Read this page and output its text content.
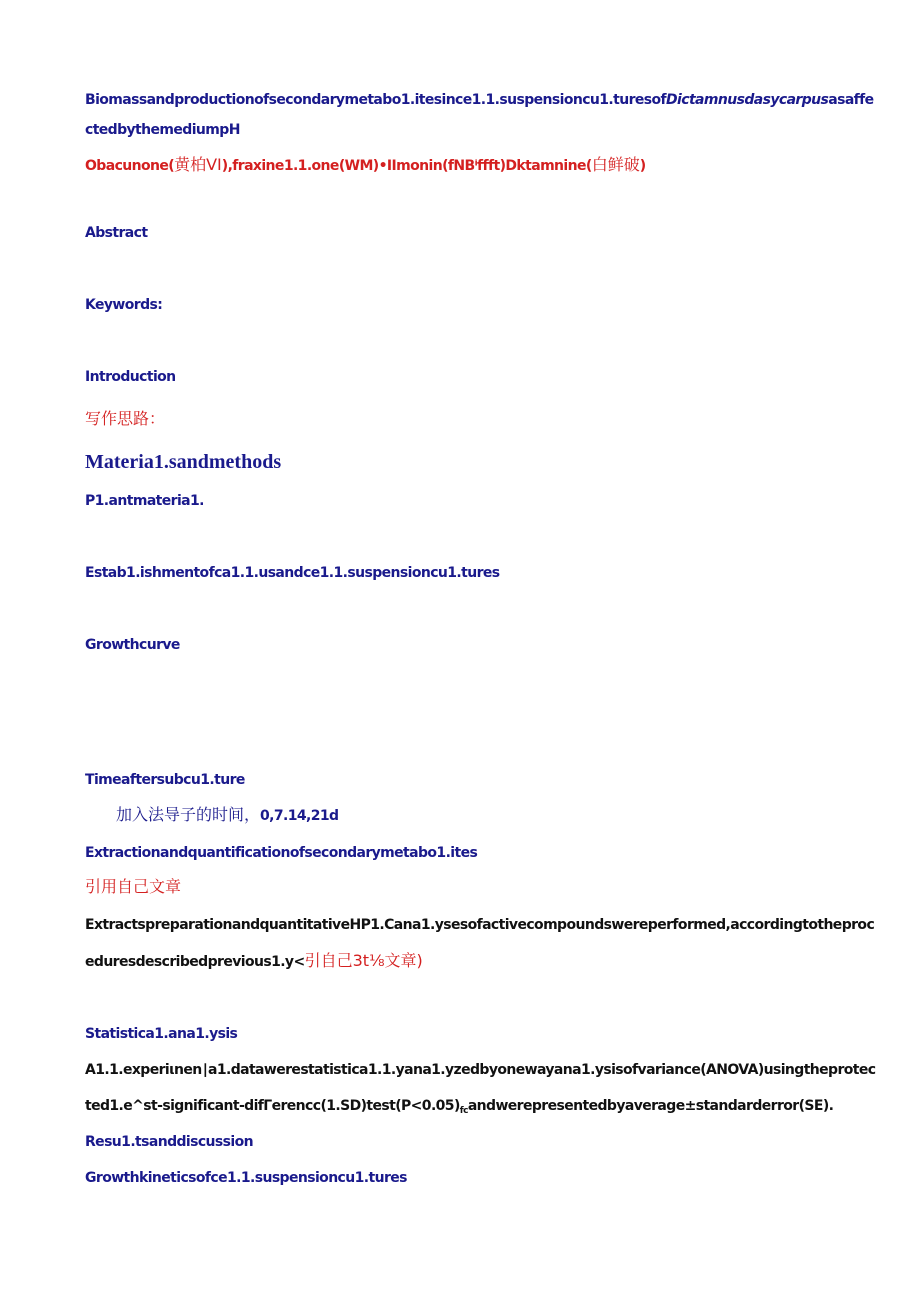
Biomassandproductionofsecondarymetabo1.itesince1.1.suspensioncu1.turesofDictamnusdasycarpusasaffe
ctedbythemediumpH
Obacunone(黄柏VI),fraxine1.1.one(WM)•IImonin(fNBⁱffft)Dktamnine(白鲜破)
Abstract
Keywords:
Introduction
写作思路：
Materia1.sandmethods
P1.antmateria1.
Estab1.ishmentofca1.1.usandce1.1.suspensioncu1.tures
Growthcurve
Timeaftersubcu1.ture
加入法导子的时间，0,7.14,21d
Extractionandquantificationofsecondarymetabo1.ites
引用自己文章
ExtractspreparationandquantitativeHP1.Cana1.ysesofactivecompoundswereperformed,accordingtotheproc
eduresdescribedprevious1.y<引自己3t⅛文章)
Statistica1.ana1.ysis
A1.1.experiιnen∣a1.datawerestatistica1.1.yana1.yzedbyonewayana1.ysisofvariance(ANOVA)usingtheprotec
$ted1.e\^{}st-significant-dif\Gamma erencc(1.SD)test(P<0.05)_{fc}andwerepresentedbyaverage\pm standarderror(SE)$.
Resu1.tsanddiscussion
Growthkineticsofce1.1.suspensioncu1.tures
